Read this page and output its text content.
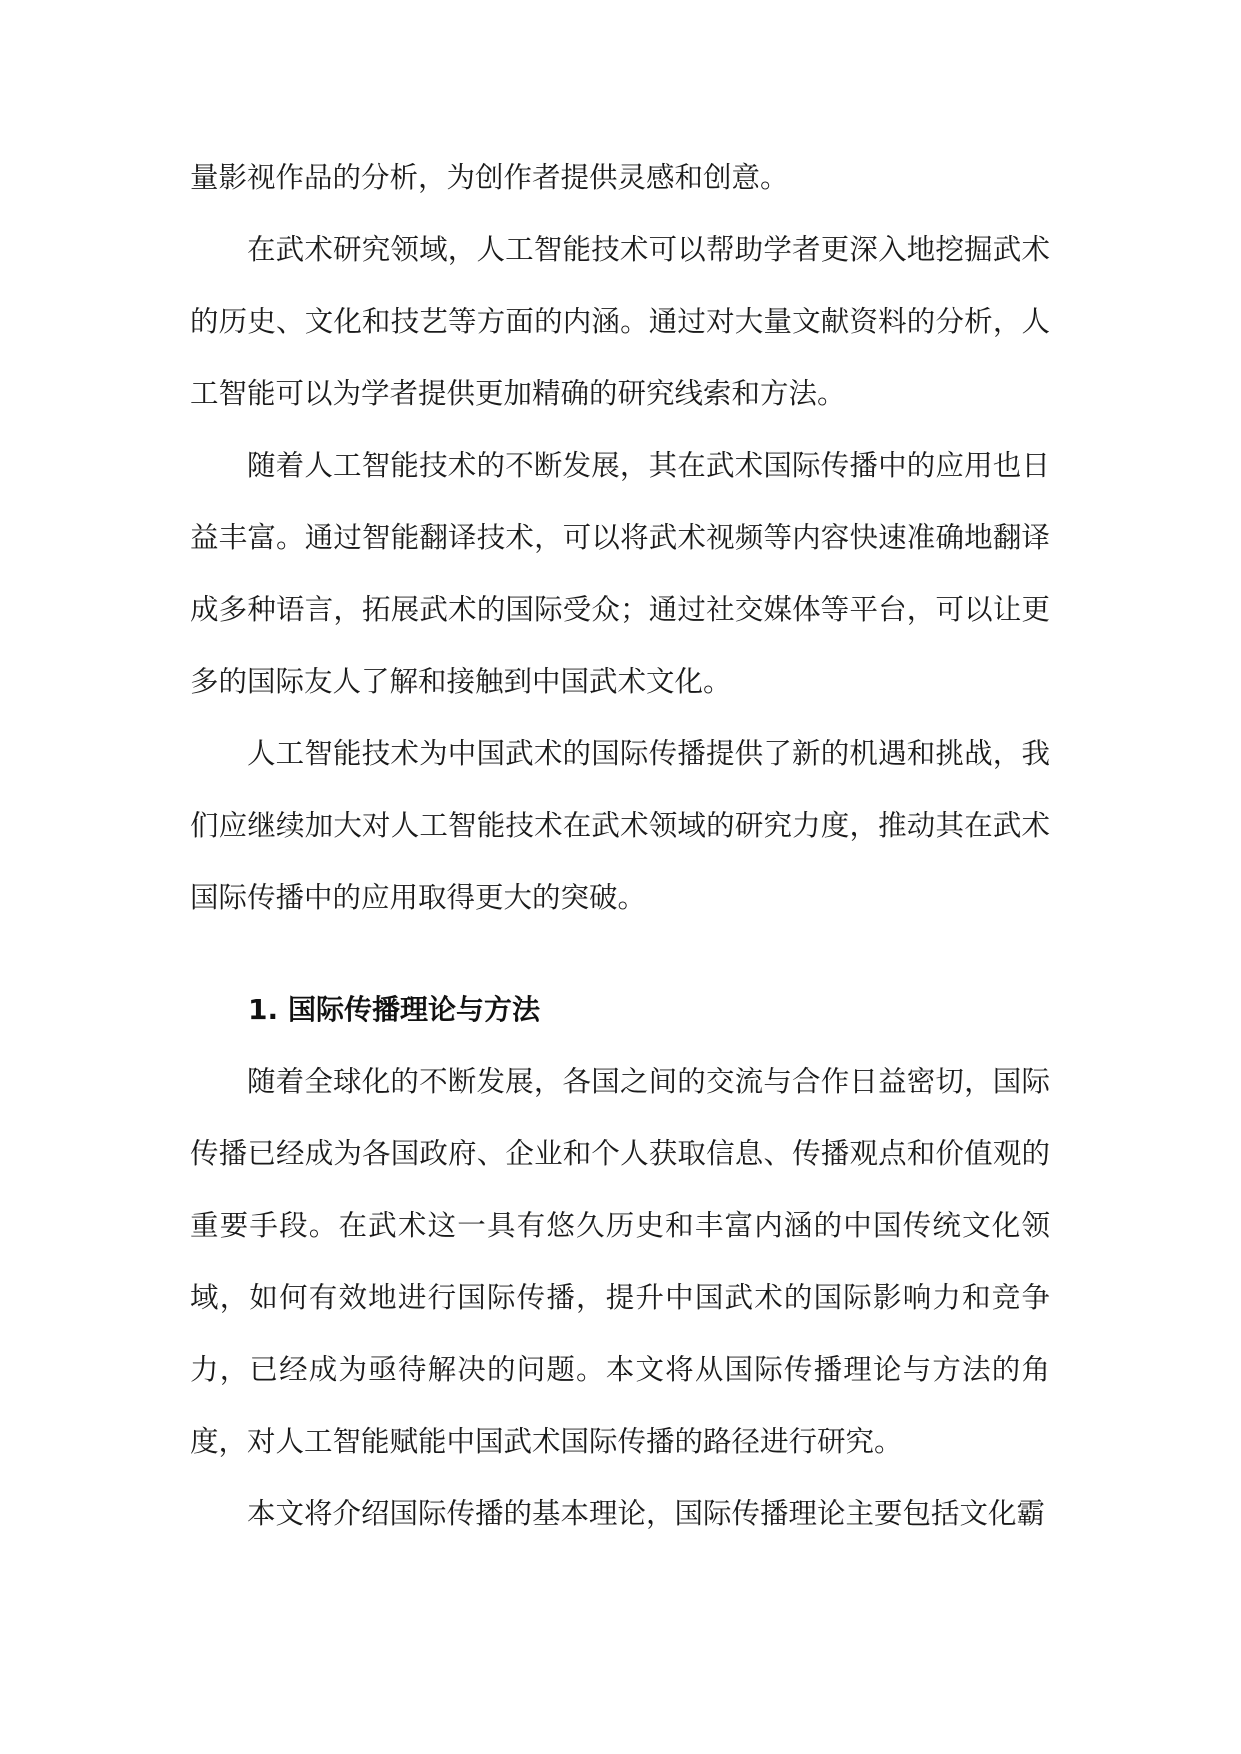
量影视作品的分析，为创作者提供灵感和创意。

在武术研究领域，人工智能技术可以帮助学者更深入地挖掘武术的历史、文化和技艺等方面的内涵。通过对大量文献资料的分析，人工智能可以为学者提供更加精确的研究线索和方法。

随着人工智能技术的不断发展，其在武术国际传播中的应用也日益丰富。通过智能翻译技术，可以将武术视频等内容快速准确地翻译成多种语言，拓展武术的国际受众；通过社交媒体等平台，可以让更多的国际友人了解和接触到中国武术文化。

人工智能技术为中国武术的国际传播提供了新的机遇和挑战，我们应继续加大对人工智能技术在武术领域的研究力度，推动其在武术国际传播中的应用取得更大的突破。

1. 国际传播理论与方法

随着全球化的不断发展，各国之间的交流与合作日益密切，国际传播已经成为各国政府、企业和个人获取信息、传播观点和价值观的重要手段。在武术这一具有悠久历史和丰富内涵的中国传统文化领域，如何有效地进行国际传播，提升中国武术的国际影响力和竞争力，已经成为亟待解决的问题。本文将从国际传播理论与方法的角度，对人工智能赋能中国武术国际传播的路径进行研究。

本文将介绍国际传播的基本理论，国际传播理论主要包括文化霸
